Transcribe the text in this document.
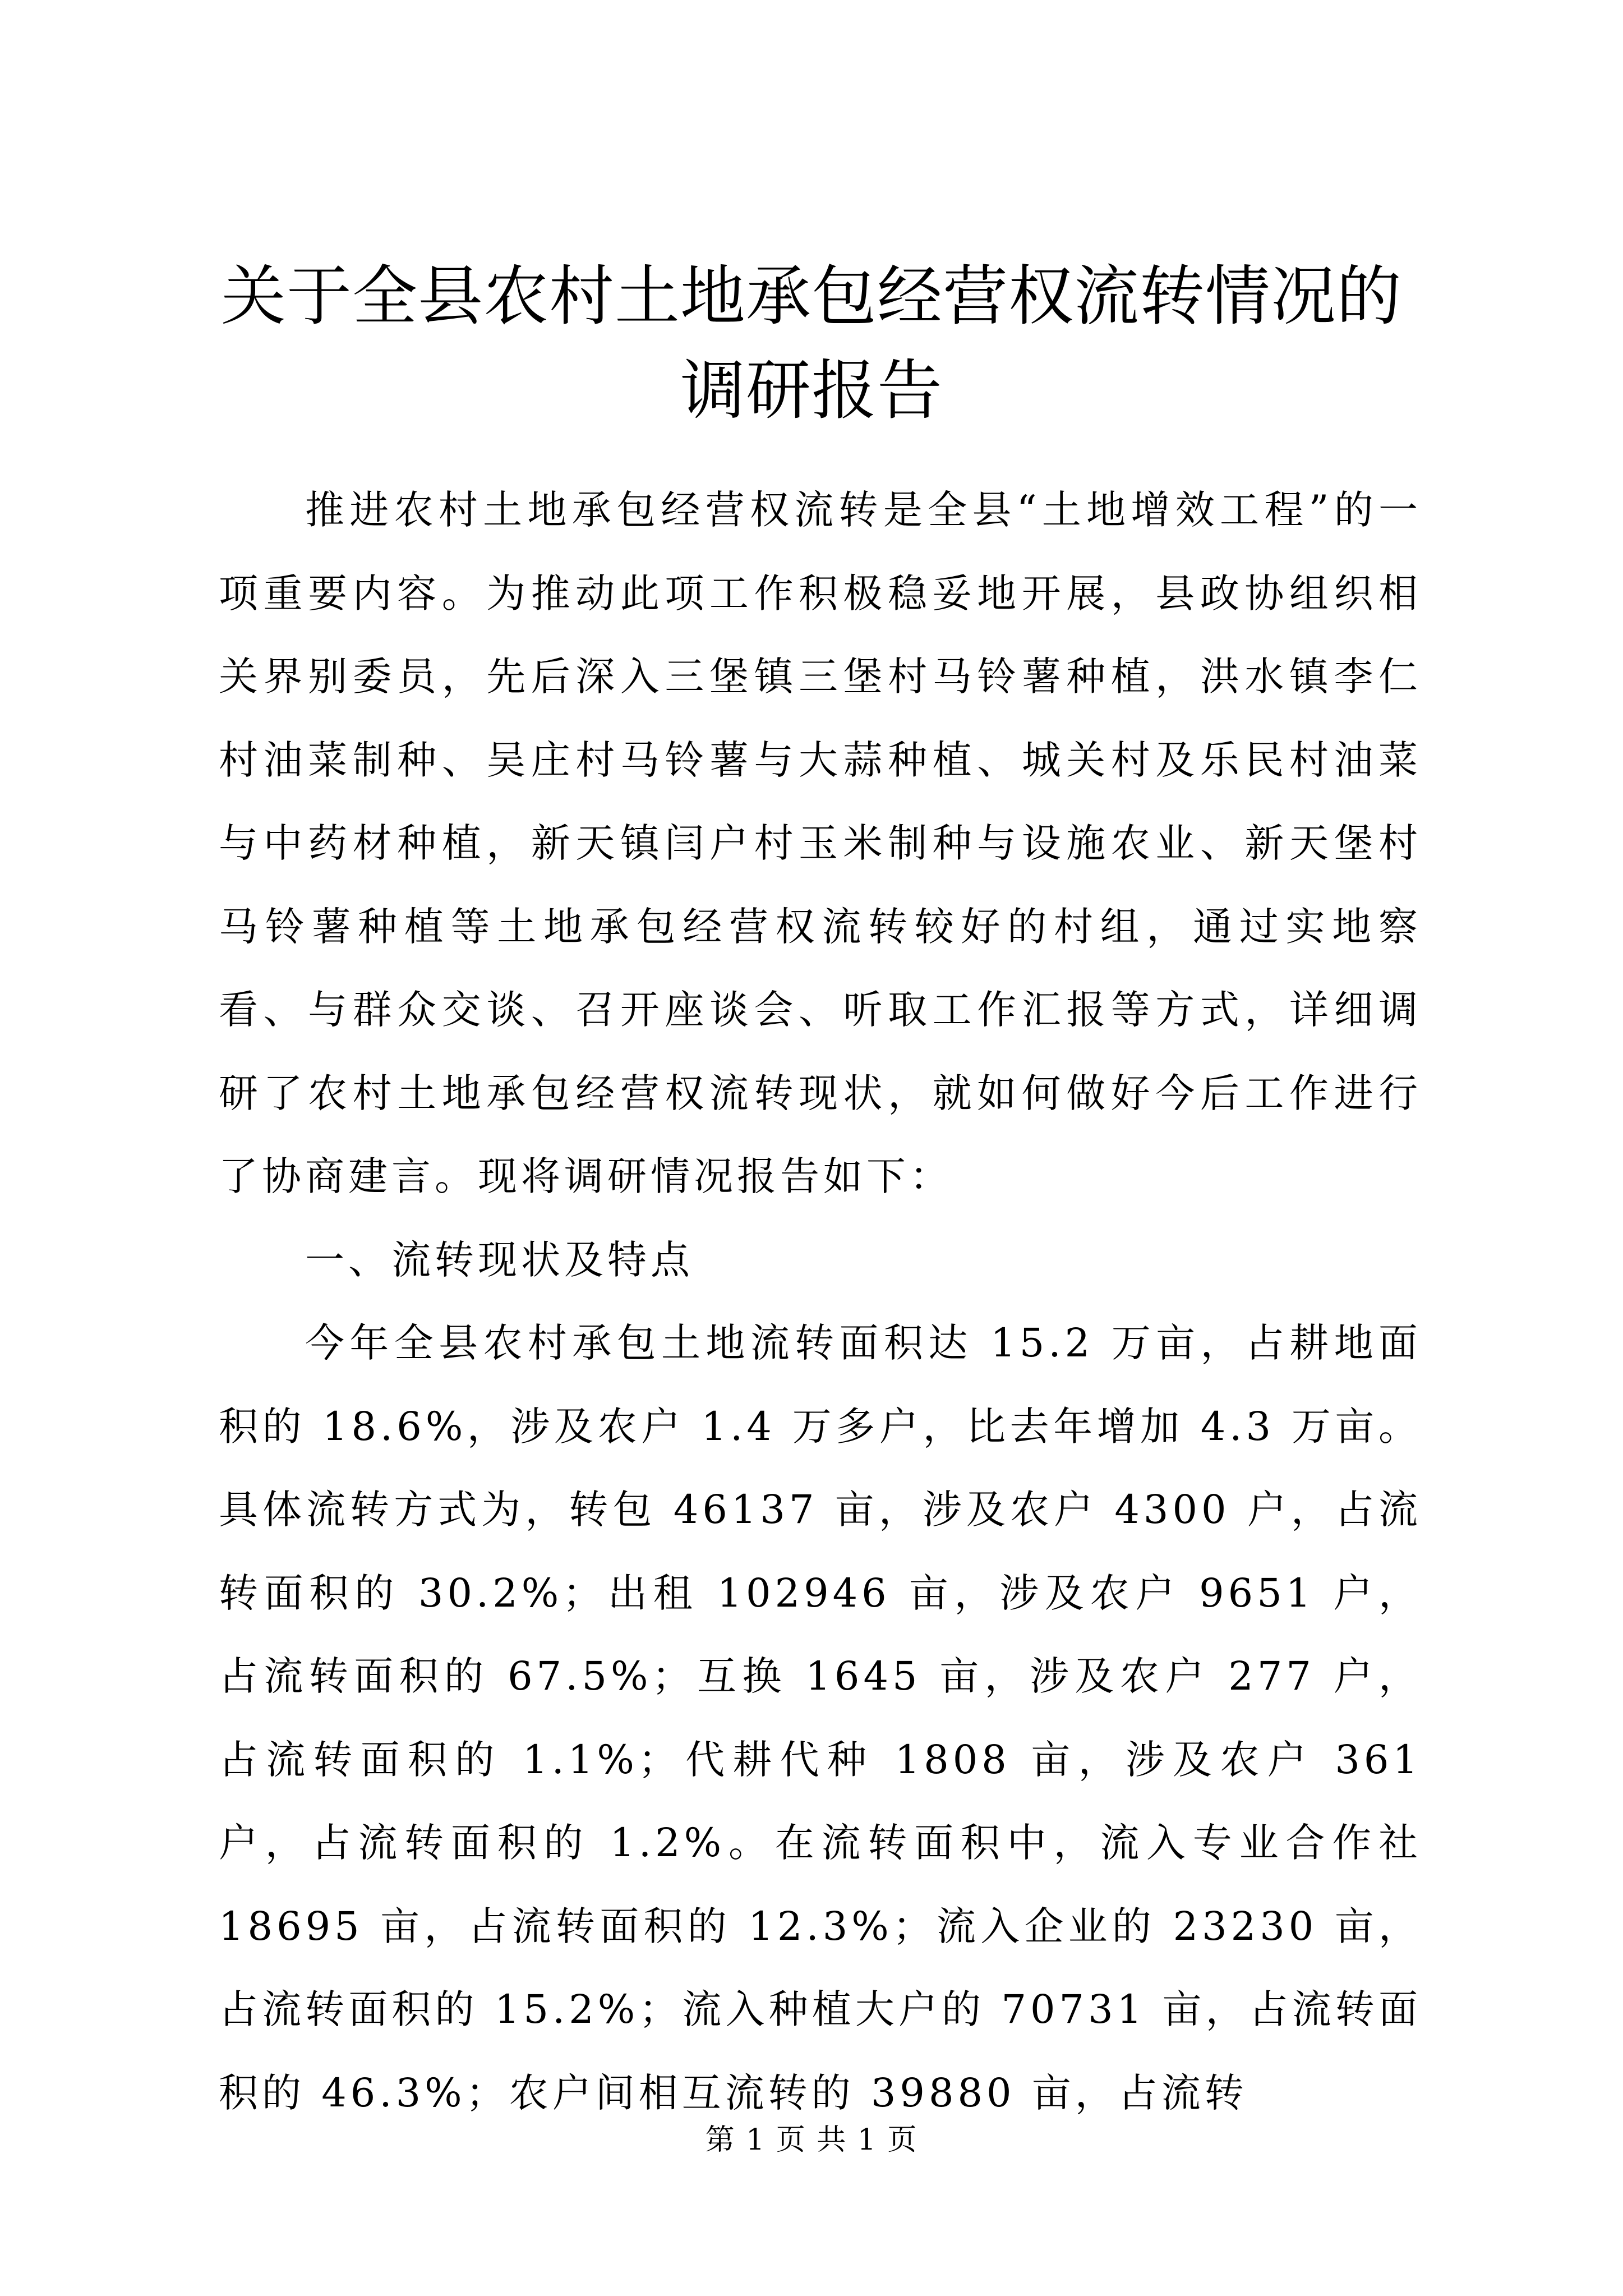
关于全县农村土地承包经营权流转情况的调研报告

推进农村土地承包经营权流转是全县“土地增效工程”的一项重要内容。为推动此项工作积极稳妥地开展，县政协组织相关界别委员，先后深入三堡镇三堡村马铃薯种植，洪水镇李仁村油菜制种、吴庄村马铃薯与大蒜种植、城关村及乐民村油菜与中药材种植，新天镇闫户村玉米制种与设施农业、新天堡村马铃薯种植等土地承包经营权流转较好的村组，通过实地察看、与群众交谈、召开座谈会、听取工作汇报等方式，详细调研了农村土地承包经营权流转现状，就如何做好今后工作进行了协商建言。现将调研情况报告如下：

一、流转现状及特点

今年全县农村承包土地流转面积达 15.2 万亩，占耕地面积的 18.6%，涉及农户 1.4 万多户，比去年增加 4.3 万亩。具体流转方式为，转包 46137 亩，涉及农户 4300 户，占流转面积的 30.2%；出租 102946 亩，涉及农户 9651 户，占流转面积的 67.5%；互换 1645 亩，涉及农户 277 户，占流转面积的 1.1%；代耕代种 1808 亩，涉及农户 361 户，占流转面积的 1.2%。在流转面积中，流入专业合作社 18695 亩，占流转面积的 12.3%；流入企业的 23230 亩，占流转面积的 15.2%；流入种植大户的 70731 亩，占流转面积的 46.3%；农户间相互流转的 39880 亩，占流转

第 1 页 共 1 页
